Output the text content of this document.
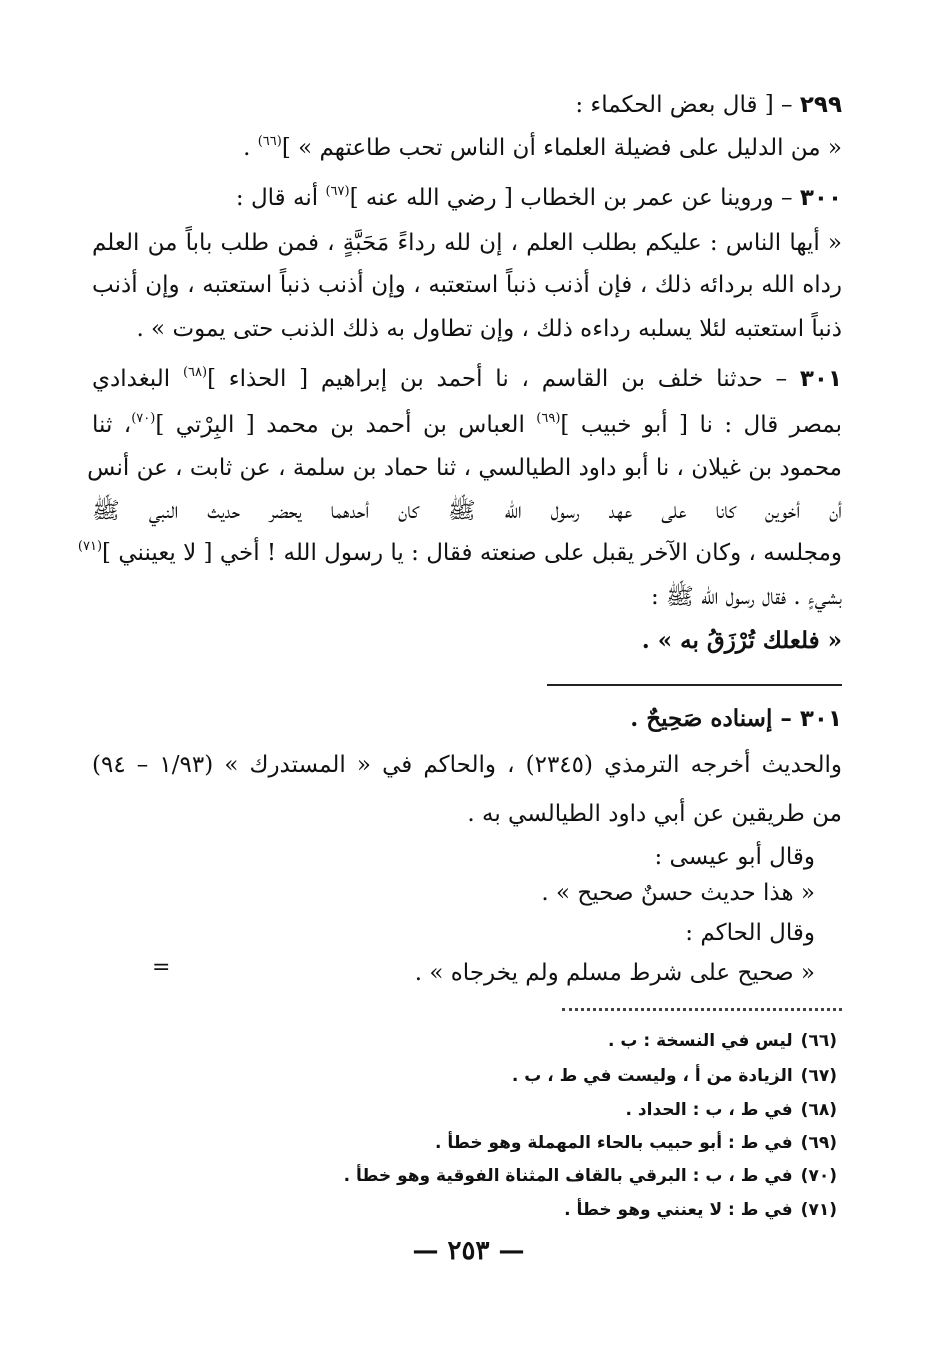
٢٩٩ – [ قال بعض الحكماء :
« من الدليل على فضيلة العلماء أن الناس تحب طاعتهم » ]$^{(٦٦)}$ .
٣٠٠ – وروينا عن عمر بن الخطاب [ رضي الله عنه ]$^{(٦٧)}$ أنه قال :
« أيها الناس : عليكم بطلب العلم ، إن لله رداءً مَحَبَّةٍ ، فمن طلب باباً من العلم
رداه الله بردائه ذلك ، فإن أذنب ذنباً استعتبه ، وإن أذنب ذنباً استعتبه ، وإن أذنب
ذنباً استعتبه لئلا يسلبه رداءه ذلك ، وإن تطاول به ذلك الذنب حتى يموت » .
٣٠١ – حدثنا خلف بن القاسم ، نا أحمد بن إبراهيم [ الحذاء ]$^{(٦٨)}$ البغدادي
بمصر قال : نا [ أبو خبيب ]$^{(٦٩)}$ العباس بن أحمد بن محمد [ البِرْتي ]$^{(٧٠)}$، ثنا
محمود بن غيلان ، نا أبو داود الطيالسي ، ثنا حماد بن سلمة ، عن ثابت ، عن أنس
أن أخوين كانا على عهد رسول الله ﷺ كان أحدهما يحضر حديث النبي ﷺ
ومجلسه ، وكان الآخر يقبل على صنعته فقال : يا رسول الله ! أخي [ لا يعينني ]$^{(٧١)}$
بشيءٍ . فقال رسول الله ﷺ :
« فلعلك تُرْزَقُ به » .
٣٠١ – إسناده صَحِيحٌ .
والحديث أخرجه الترمذي (٢٣٤٥) ، والحاكم في « المستدرك » (١/٩٣ – ٩٤)
من طريقين عن أبي داود الطيالسي به .
وقال أبو عيسى :
« هذا حديث حسنٌ صحيح » .
وقال الحاكم :
« صحيح على شرط مسلم ولم يخرجاه » .
=
(٦٦)ليس في النسخة : ب .
(٦٧)الزيادة من أ ، وليست في ط ، ب .
(٦٨)في ط ، ب : الحداد .
(٦٩)في ط : أبو حبيب بالحاء المهملة وهو خطأ .
(٧٠)في ط ، ب : البرقي بالقاف المثناة الفوقية وهو خطأ .
(٧١)في ط : لا يعنني وهو خطأ .
— ٢٥٣ —
